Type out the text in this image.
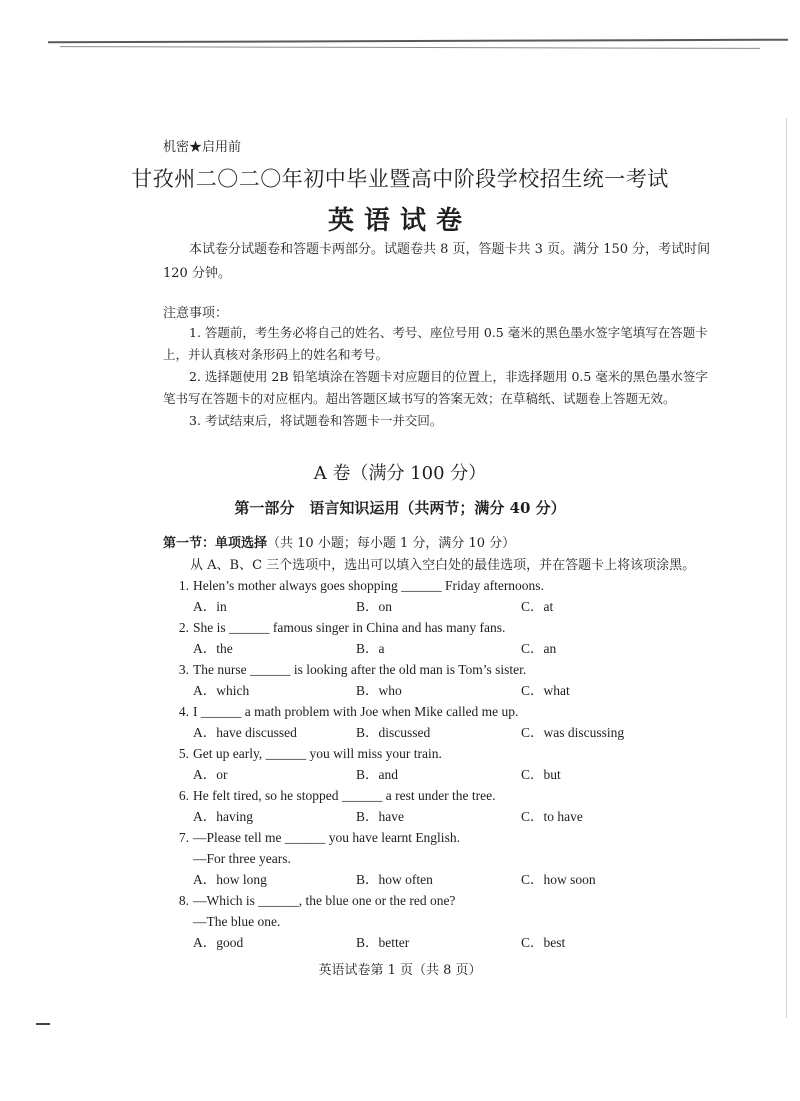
机密★启用前
甘孜州二〇二〇年初中毕业暨高中阶段学校招生统一考试
英语试卷
本试卷分试题卷和答题卡两部分。试题卷共 8 页，答题卡共 3 页。满分 150 分，考试时间 120 分钟。
注意事项：

1. 答题前，考生务必将自己的姓名、考号、座位号用 0.5 毫米的黑色墨水签字笔填写在答题卡上，并认真核对条形码上的姓名和考号。

2. 选择题使用 2B 铅笔填涂在答题卡对应题目的位置上，非选择题用 0.5 毫米的黑色墨水签字笔书写在答题卡的对应框内。超出答题区域书写的答案无效；在草稿纸、试题卷上答题无效。

3. 考试结束后，将试题卷和答题卡一并交回。

A 卷（满分 100 分）
第一部分　语言知识运用（共两节；满分 40 分）
第一节：单项选择（共 10 小题；每小题 1 分，满分 10 分）
从 A、B、C 三个选项中，选出可以填入空白处的最佳选项，并在答题卡上将该项涂黑。
1. Helen’s mother always goes shopping ______ Friday afternoons.
A．in	B．on	C．at
2. She is ______ famous singer in China and has many fans.
A．the	B．a	C．an
3. The nurse ______ is looking after the old man is Tom’s sister.
A．which	B．who	C．what
4. I ______ a math problem with Joe when Mike called me up.
A．have discussed	B．discussed	C．was discussing
5. Get up early, ______ you will miss your train.
A．or	B．and	C．but
6. He felt tired, so he stopped ______ a rest under the tree.
A．having	B．have	C．to have
7. —Please tell me ______ you have learnt English.
—For three years.
A．how long	B．how often	C．how soon
8. —Which is ______, the blue one or the red one?
—The blue one.
A．good	B．better	C．best
英语试卷第 1 页（共 8 页）
